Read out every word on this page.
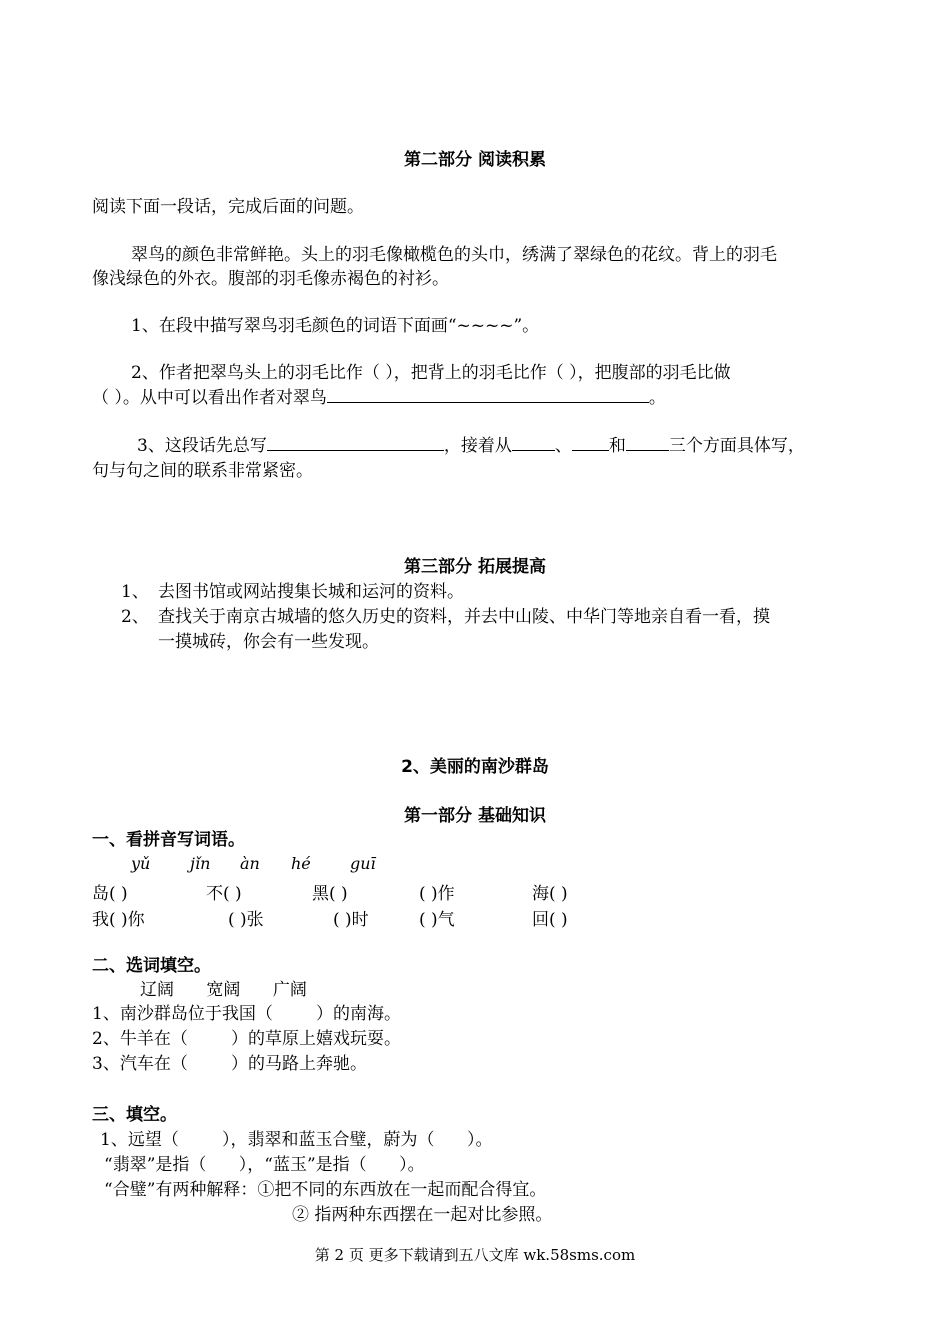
第二部分 阅读积累
阅读下面一段话，完成后面的问题。
翠鸟的颜色非常鲜艳。头上的羽毛像橄榄色的头巾，绣满了翠绿色的花纹。背上的羽毛
像浅绿色的外衣。腹部的羽毛像赤褐色的衬衫。
1、在段中描写翠鸟羽毛颜色的词语下面画“~~~~”。
2、作者把翠鸟头上的羽毛比作（ ），把背上的羽毛比作（ ），把腹部的羽毛比做
（ ）。从中可以看出作者对翠鸟	。
3、这段话先总写	，接着从	、 和	三个方面具体写，
句与句之间的联系非常紧密。
第三部分 拓展提高
1、 去图书馆或网站搜集长城和运河的资料。
2、 查找关于南京古城墙的悠久历史的资料，并去中山陵、中华门等地亲自看一看，摸
一摸城砖，你会有一些发现。
2、美丽的南沙群岛
第一部分 基础知识
一、看拼音写词语。
yǔ jǐn àn hé guī
岛( )	不( )	黑( )	( )作	海( )
我( )你	( )张	( )时	( )气	回( )
二、选词填空。
辽阔      宽阔      广阔
1、南沙群岛位于我国（        ）的南海。
2、牛羊在（        ）的草原上嬉戏玩耍。
3、汽车在（        ）的马路上奔驰。
三、填空。
1、远望（        ），翡翠和蓝玉合璧，蔚为（      ）。
“翡翠”是指（      ），“蓝玉”是指（      ）。
“合璧”有两种解释：①把不同的东西放在一起而配合得宜。
② 指两种东西摆在一起对比参照。
第 2 页 更多下载请到五八文库 wk.58sms.com
